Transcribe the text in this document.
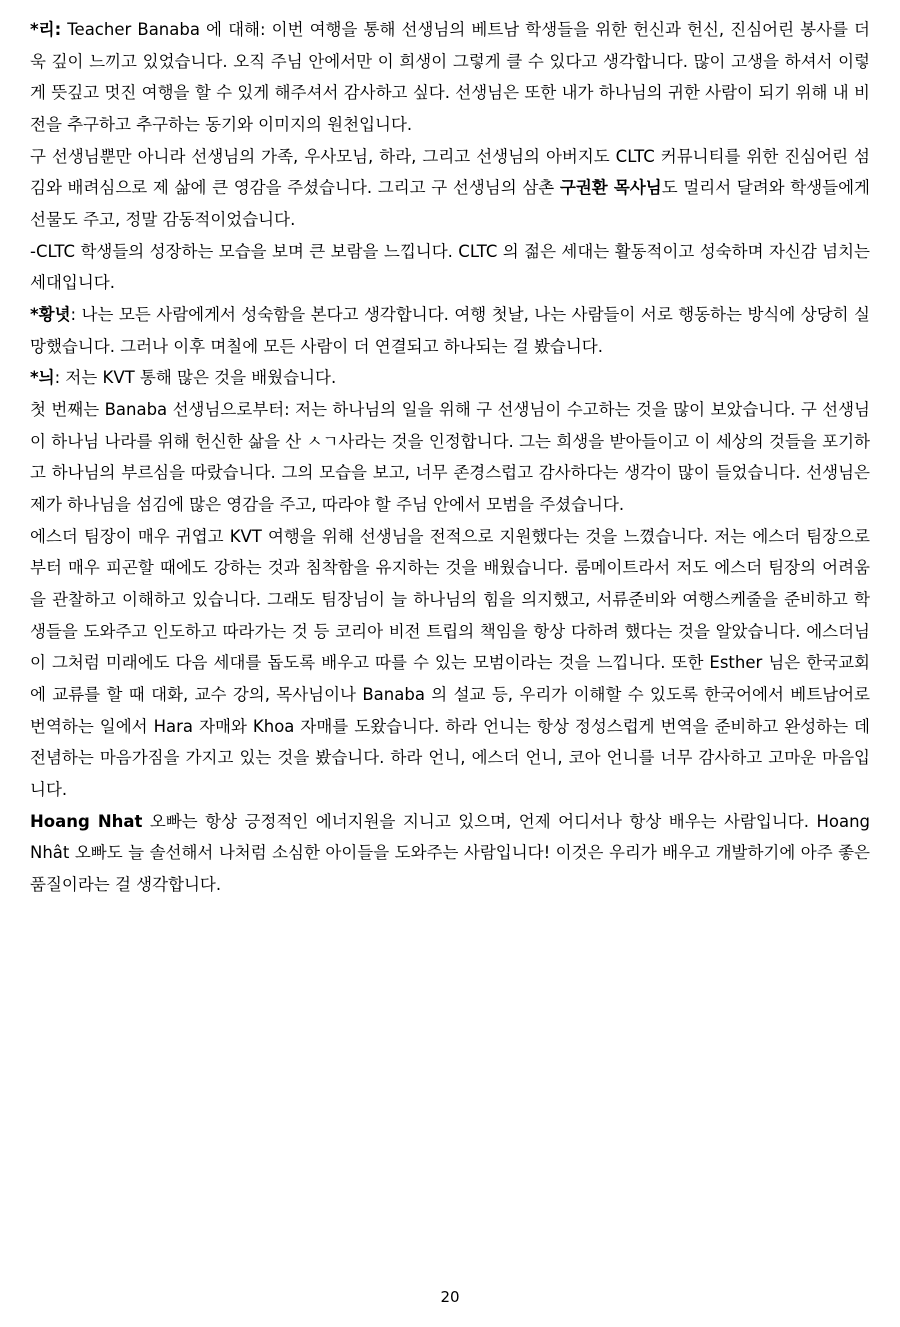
*리: Teacher Banaba 에 대해: 이번 여행을 통해 선생님의 베트남 학생들을 위한 헌신과 헌신, 진심어린 봉사를 더욱 깊이 느끼고 있었습니다. 오직 주님 안에서만 이 희생이 그렇게 클 수 있다고 생각합니다. 많이 고생을 하셔서 이렇게 뜻깊고 멋진 여행을 할 수 있게 해주셔서 감사하고 싶다. 선생님은 또한 내가 하나님의 귀한 사람이 되기 위해 내 비전을 추구하고 추구하는 동기와 이미지의 원천입니다.

구 선생님뿐만 아니라 선생님의 가족, 우사모님, 하라, 그리고 선생님의 아버지도 CLTC 커뮤니티를 위한 진심어린 섬김와 배려심으로 제 삶에 큰 영감을 주셨습니다. 그리고 구 선생님의 삼촌 구권환 목사님도 멀리서 달려와 학생들에게 선물도 주고, 정말 감동적이었습니다.

-CLTC 학생들의 성장하는 모습을 보며 큰 보람을 느낍니다. CLTC 의 젊은 세대는 활동적이고 성숙하며 자신감 넘치는 세대입니다.

*황녓: 나는 모든 사람에게서 성숙함을 본다고 생각합니다. 여행 첫날, 나는 사람들이 서로 행동하는 방식에 상당히 실망했습니다. 그러나 이후 며칠에 모든 사람이 더 연결되고 하나되는 걸 봤습니다.

*늬: 저는 KVT 통해 많은 것을 배웠습니다.

첫 번째는 Banaba 선생님으로부터: 저는 하나님의 일을 위해 구 선생님이 수고하는 것을 많이 보았습니다. 구 선생님이 하나님 나라를 위해 헌신한 삶을 산 ㅅㄱ사라는 것을 인정합니다. 그는 희생을 받아들이고 이 세상의 것들을 포기하고 하나님의 부르심을 따랐습니다. 그의 모습을 보고, 너무 존경스럽고 감사하다는 생각이 많이 들었습니다. 선생님은 제가 하나님을 섬김에 많은 영감을 주고, 따라야 할 주님 안에서 모범을 주셨습니다.

에스더 팀장이 매우 귀엽고 KVT 여행을 위해 선생님을 전적으로 지원했다는 것을 느꼈습니다. 저는 에스더 팀장으로부터 매우 피곤할 때에도 강하는 것과 침착함을 유지하는 것을 배웠습니다. 룸메이트라서 저도 에스더 팀장의 어려움을 관찰하고 이해하고 있습니다. 그래도 팀장님이 늘 하나님의 힘을 의지했고, 서류준비와 여행스케줄을 준비하고 학생들을 도와주고 인도하고 따라가는 것 등 코리아 비전 트립의 책임을 항상 다하려 했다는 것을 알았습니다. 에스더님이 그처럼 미래에도 다음 세대를 돕도록 배우고 따를 수 있는 모범이라는 것을 느낍니다. 또한 Esther 님은 한국교회에 교류를 할 때 대화, 교수 강의, 목사님이나 Banaba 의 설교 등, 우리가 이해할 수 있도록 한국어에서 베트남어로 번역하는 일에서 Hara 자매와 Khoa 자매를 도왔습니다. 하라 언니는 항상 정성스럽게 번역을 준비하고 완성하는 데 전념하는 마음가짐을 가지고 있는 것을 봤습니다. 하라 언니, 에스더 언니, 코아 언니를 너무 감사하고 고마운 마음입니다.

Hoang Nhat 오빠는 항상 긍정적인 에너지원을 지니고 있으며, 언제 어디서나 항상 배우는 사람입니다. Hoang Nhât 오빠도 늘 솔선해서 나처럼 소심한 아이들을 도와주는 사람입니다! 이것은 우리가 배우고 개발하기에 아주 좋은 품질이라는 걸 생각합니다.

20
